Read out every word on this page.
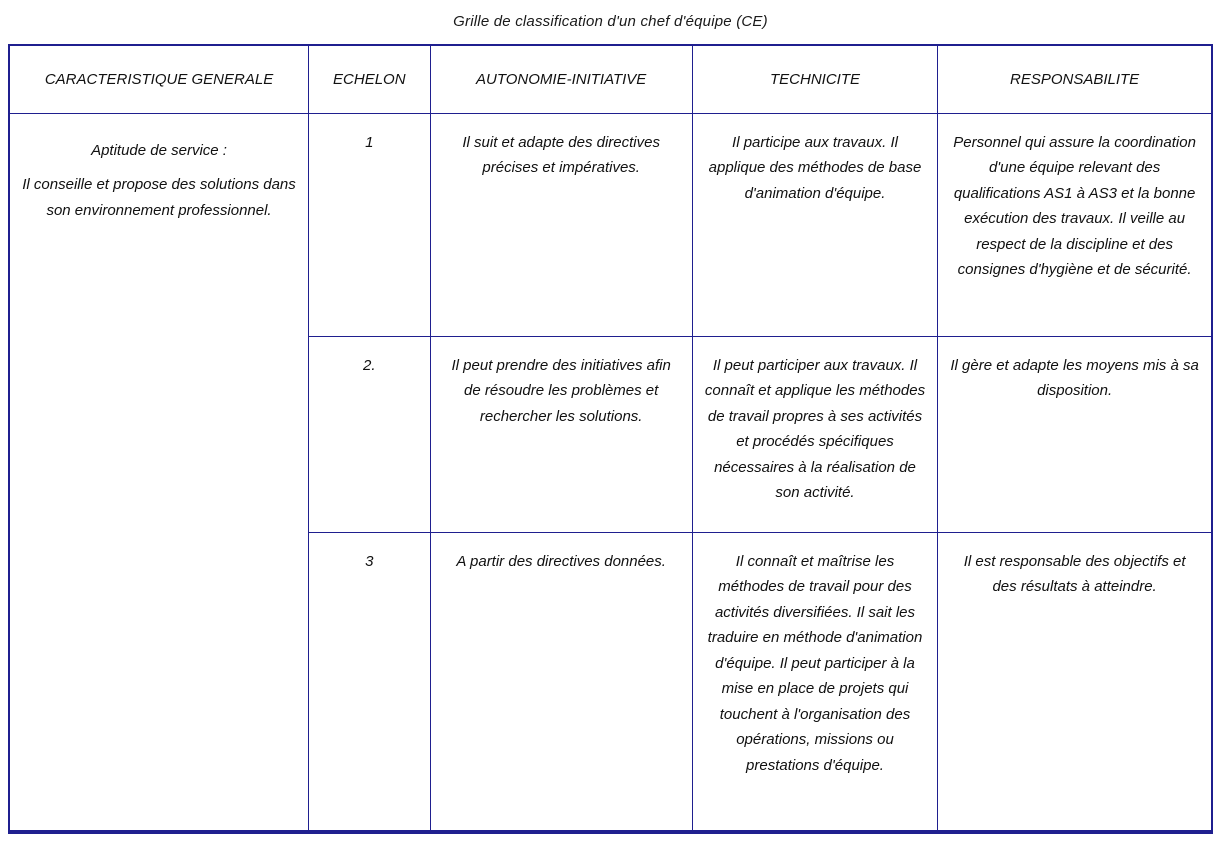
Grille de classification d'un chef d'équipe (CE)
CARACTERISTIQUE GENERALE	ECHELON	AUTONOMIE-INITIATIVE	TECHNICITE	RESPONSABILITE

Aptitude de service :
Il conseille et propose des solutions dans son environnement professionnel.	1	Il suit et adapte des directives précises et impératives.	Il participe aux travaux. Il applique des méthodes de base d'animation d'équipe.	Personnel qui assure la coordination d'une équipe relevant des qualifications AS1 à AS3 et la bonne exécution des travaux. Il veille au respect de la discipline et des consignes d'hygiène et de sécurité.
	2.	Il peut prendre des initiatives afin de résoudre les problèmes et rechercher les solutions.	Il peut participer aux travaux. Il connaît et applique les méthodes de travail propres à ses activités et procédés spécifiques nécessaires à la réalisation de son activité.	Il gère et adapte les moyens mis à sa disposition.
	3	A partir des directives données.	Il connaît et maîtrise les méthodes de travail pour des activités diversifiées. Il sait les traduire en méthode d'animation d'équipe. Il peut participer à la mise en place de projets qui touchent à l'organisation des opérations, missions ou prestations d'équipe.	Il est responsable des objectifs et des résultats à atteindre.
